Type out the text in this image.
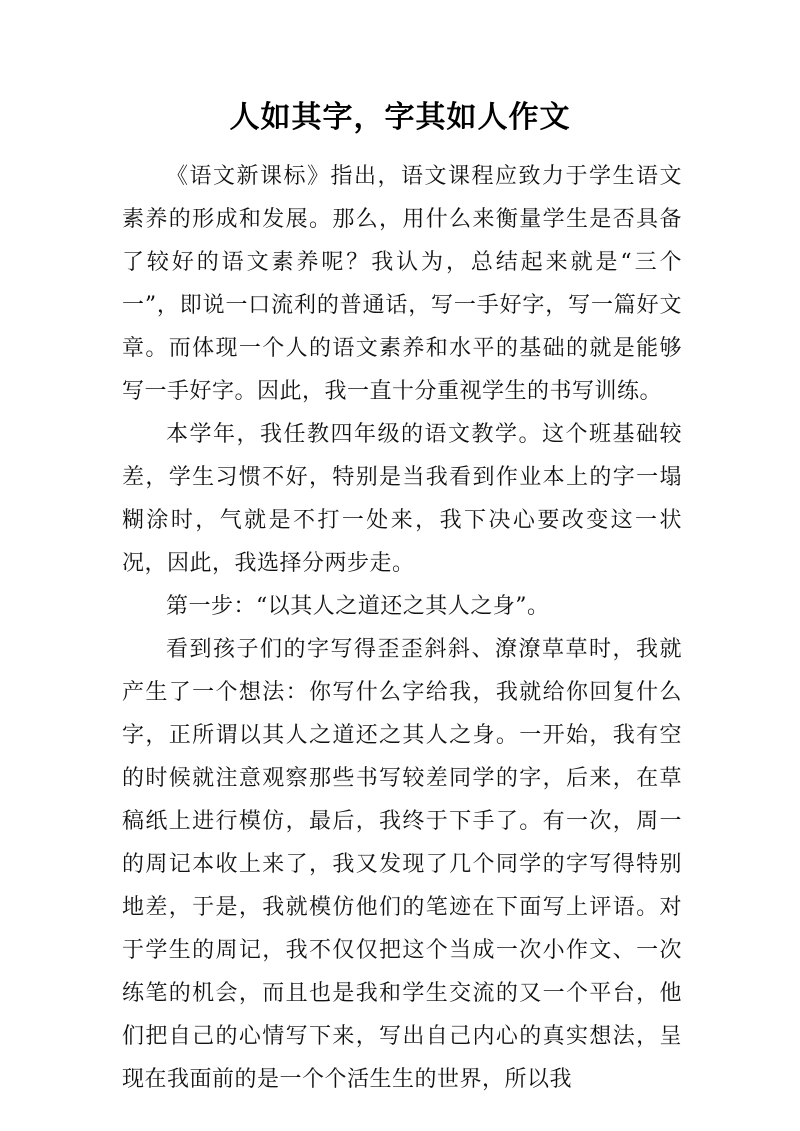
人如其字，字其如人作文

《语文新课标》指出，语文课程应致力于学生语文素养的形成和发展。那么，用什么来衡量学生是否具备了较好的语文素养呢？我认为，总结起来就是“三个一”，即说一口流利的普通话，写一手好字，写一篇好文章。而体现一个人的语文素养和水平的基础的就是能够写一手好字。因此，我一直十分重视学生的书写训练。

本学年，我任教四年级的语文教学。这个班基础较差，学生习惯不好，特别是当我看到作业本上的字一塌糊涂时，气就是不打一处来，我下决心要改变这一状况，因此，我选择分两步走。

第一步：“以其人之道还之其人之身”。

看到孩子们的字写得歪歪斜斜、潦潦草草时，我就产生了一个想法：你写什么字给我，我就给你回复什么字，正所谓以其人之道还之其人之身。一开始，我有空的时候就注意观察那些书写较差同学的字，后来，在草稿纸上进行模仿，最后，我终于下手了。有一次，周一的周记本收上来了，我又发现了几个同学的字写得特别地差，于是，我就模仿他们的笔迹在下面写上评语。对于学生的周记，我不仅仅把这个当成一次小作文、一次练笔的机会，而且也是我和学生交流的又一个平台，他们把自己的心情写下来，写出自己内心的真实想法，呈现在我面前的是一个个活生生的世界，所以我
